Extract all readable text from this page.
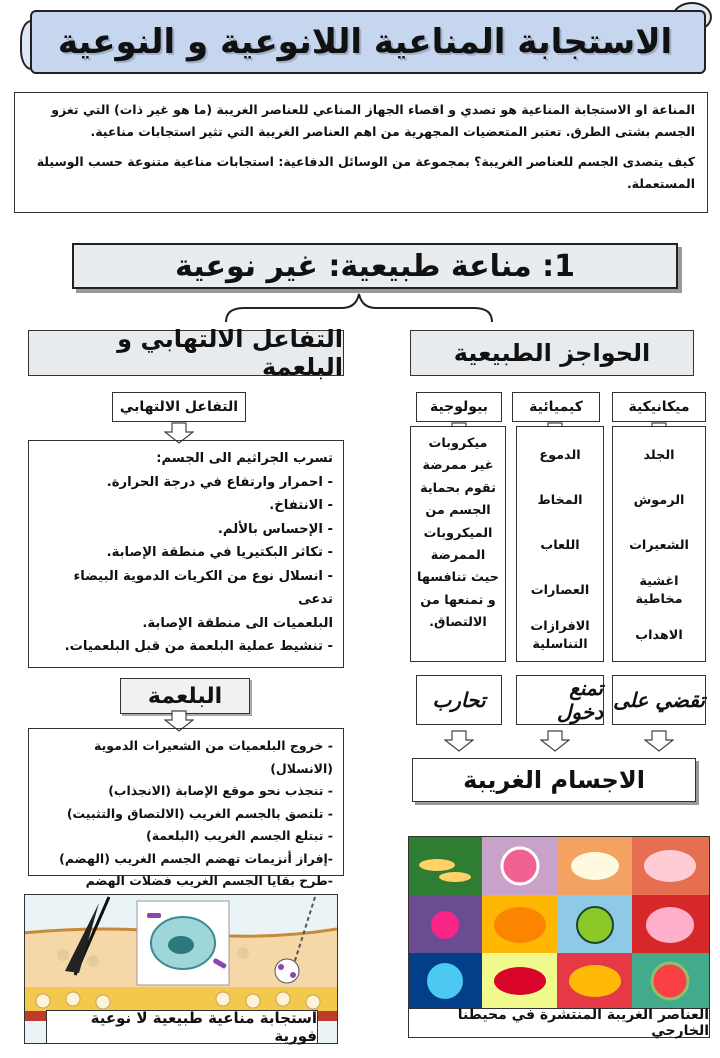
الاستجابة المناعية اللانوعية و النوعية

المناعة او الاستجابة المناعية هو تصدي و اقصاء الجهاز المناعي للعناصر الغريبة (ما هو غير ذات) التي تغزو الجسم بشتى الطرق. تعتبر المتعضيات المجهرية من اهم العناصر الغريبة التي تثير استجابات مناعية.

كيف يتصدى الجسم للعناصر الغريبة؟ بمجموعة من الوسائل الدفاعية: استجابات مناعية متنوعة حسب الوسيلة المستعملة.

1: مناعة طبيعية: غير نوعية
التفاعل الالتهابي و البلعمة	الحواجز الطبيعية
التفاعل الالتهابي	بيولوجية	كيميائية	ميكانيكية
تسرب الجراثيم الى الجسم:
- احمرار وارتفاع في درجة الحرارة.
- الانتفاخ.
- الإحساس بالألم.
- تكاثر البكتيريا في منطقة الإصابة.
- انسلال نوع من الكريات الدموية البيضاء تدعى
البلعميات الى منطقة الإصابة.
- تنشيط عملية البلعمة من قبل البلعميات.
الجلد
الرموش
الشعيرات
اغشية مخاطية
الاهداب
الدموع
المخاط
اللعاب
العصارات
الافرازات التناسلية
ميكروبات غير ممرضة تقوم بحماية الجسم من الميكروبات الممرضة حيث تنافسها و تمنعها من الالتصاق.
تقضي على
تمنع دخول
تحارب
الاجسام الغريبة
البلعمة
- خروج البلعميات من الشعيرات الدموية (الانسلال)
- تنجذب نحو موقع الإصابة (الانجذاب)
- تلتصق بالجسم الغريب (الالتصاق والتثبيت)
- تبتلع الجسم الغريب (البلعمة)
-إفراز أنزيمات تهضم الجسم الغريب (الهضم)
-طرح بقايا الجسم الغريب فضلات الهضم
استجابة مناعية طبيعية لا نوعية فورية
العناصر الغريبة المنتشرة في محيطنا الخارجي
